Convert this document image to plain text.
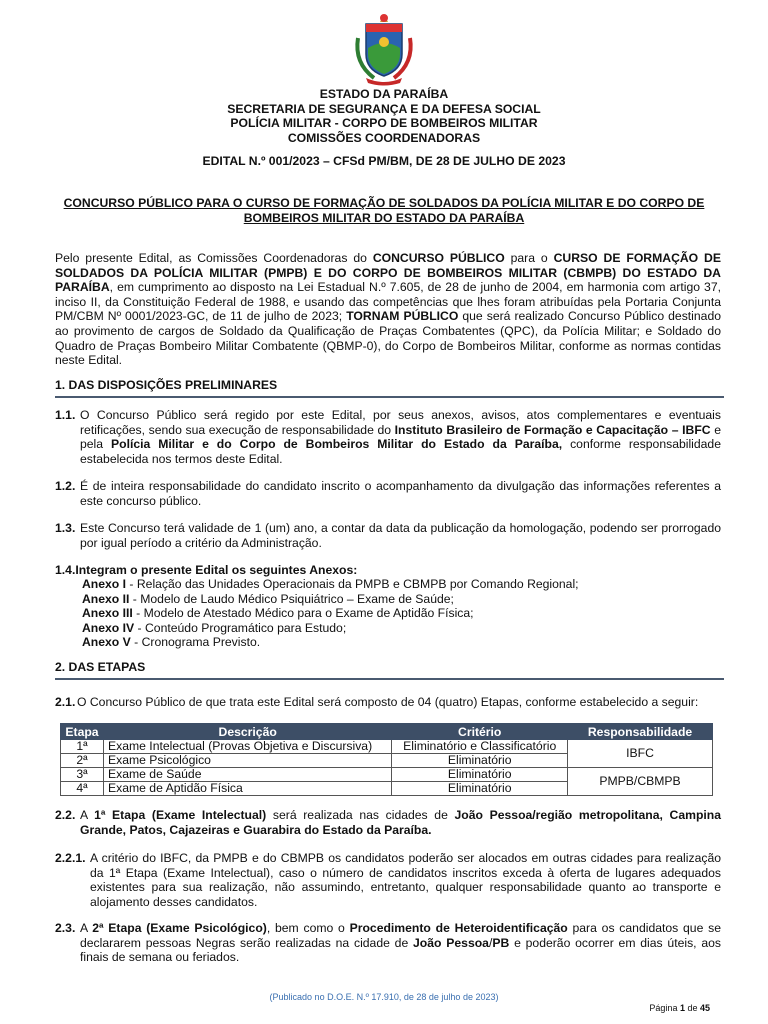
ESTADO DA PARAÍBA
SECRETARIA DE SEGURANÇA E DA DEFESA SOCIAL
POLÍCIA MILITAR - CORPO DE BOMBEIROS MILITAR
COMISSÕES COORDENADORAS
EDITAL N.º 001/2023 – CFSd PM/BM, DE 28 DE JULHO DE 2023
CONCURSO PÚBLICO PARA O CURSO DE FORMAÇÃO DE SOLDADOS DA POLÍCIA MILITAR E DO CORPO DE BOMBEIROS MILITAR DO ESTADO DA PARAÍBA
Pelo presente Edital, as Comissões Coordenadoras do CONCURSO PÚBLICO para o CURSO DE FORMAÇÃO DE SOLDADOS DA POLÍCIA MILITAR (PMPB) E DO CORPO DE BOMBEIROS MILITAR (CBMPB) DO ESTADO DA PARAÍBA, em cumprimento ao disposto na Lei Estadual N.º 7.605, de 28 de junho de 2004, em harmonia com artigo 37, inciso II, da Constituição Federal de 1988, e usando das competências que lhes foram atribuídas pela Portaria Conjunta PM/CBM Nº 0001/2023-GC, de 11 de julho de 2023; TORNAM PÚBLICO que será realizado Concurso Público destinado ao provimento de cargos de Soldado da Qualificação de Praças Combatentes (QPC), da Polícia Militar; e Soldado do Quadro de Praças Bombeiro Militar Combatente (QBMP-0), do Corpo de Bombeiros Militar, conforme as normas contidas neste Edital.
1. DAS DISPOSIÇÕES PRELIMINARES
1.1. O Concurso Público será regido por este Edital, por seus anexos, avisos, atos complementares e eventuais retificações, sendo sua execução de responsabilidade do Instituto Brasileiro de Formação e Capacitação – IBFC e pela Polícia Militar e do Corpo de Bombeiros Militar do Estado da Paraíba, conforme responsabilidade estabelecida nos termos deste Edital.
1.2. É de inteira responsabilidade do candidato inscrito o acompanhamento da divulgação das informações referentes a este concurso público.
1.3. Este Concurso terá validade de 1 (um) ano, a contar da data da publicação da homologação, podendo ser prorrogado por igual período a critério da Administração.
1.4.Integram o presente Edital os seguintes Anexos:
Anexo I - Relação das Unidades Operacionais da PMPB e CBMPB por Comando Regional;
Anexo II - Modelo de Laudo Médico Psiquiátrico – Exame de Saúde;
Anexo III - Modelo de Atestado Médico para o Exame de Aptidão Física;
Anexo IV - Conteúdo Programático para Estudo;
Anexo V - Cronograma Previsto.
2. DAS ETAPAS
2.1. O Concurso Público de que trata este Edital será composto de 04 (quatro) Etapas, conforme estabelecido a seguir:
Etapa	Descrição	Critério	Responsabilidade
1ª	Exame Intelectual (Provas Objetiva e Discursiva)	Eliminatório e Classificatório	IBFC
2ª	Exame Psicológico	Eliminatório	
3ª	Exame de Saúde	Eliminatório	PMPB/CBMPB
4ª	Exame de Aptidão Física	Eliminatório	
2.2. A 1ª Etapa (Exame Intelectual) será realizada nas cidades de João Pessoa/região metropolitana, Campina Grande, Patos, Cajazeiras e Guarabira do Estado da Paraíba.
2.2.1. A critério do IBFC, da PMPB e do CBMPB os candidatos poderão ser alocados em outras cidades para realização da 1ª Etapa (Exame Intelectual), caso o número de candidatos inscritos exceda à oferta de lugares adequados existentes para sua realização, não assumindo, entretanto, qualquer responsabilidade quanto ao transporte e alojamento desses candidatos.
2.3. A 2ª Etapa (Exame Psicológico), bem como o Procedimento de Heteroidentificação para os candidatos que se declararem pessoas Negras serão realizadas na cidade de João Pessoa/PB e poderão ocorrer em dias úteis, aos finais de semana ou feriados.
(Publicado no D.O.E. N.º 17.910, de 28 de julho de 2023)
Página 1 de 45
